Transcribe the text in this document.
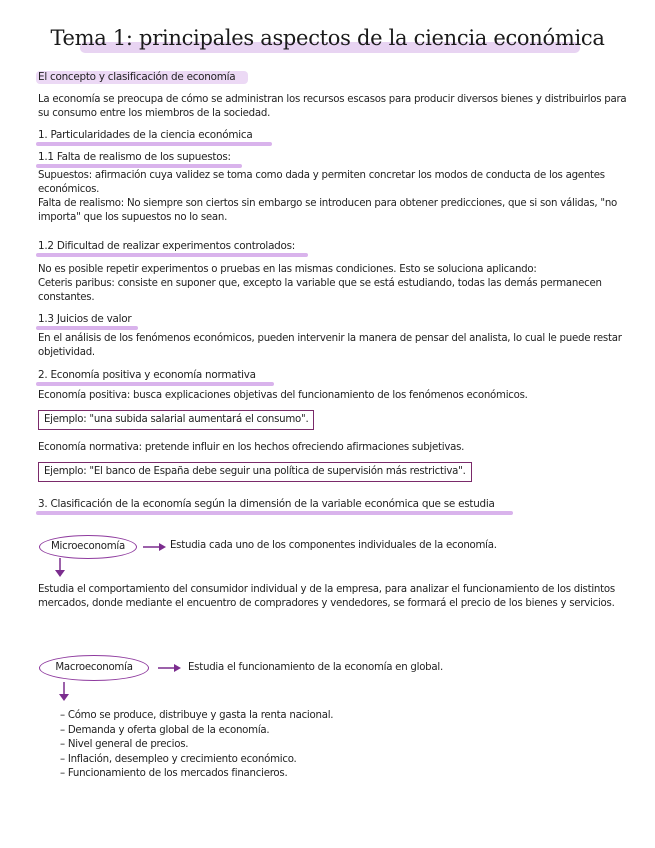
Tema 1: principales aspectos de la ciencia económica
El concepto y clasificación de economía
La economía se preocupa de cómo se administran los recursos escasos para producir diversos bienes y distribuirlos para su consumo entre los miembros de la sociedad.
1. Particularidades de la ciencia económica
1.1 Falta de realismo de los supuestos:
Supuestos: afirmación cuya validez se toma como dada y permiten concretar los modos de conducta de los agentes económicos.
Falta de realismo: No siempre son ciertos sin embargo se introducen para obtener predicciones, que si son válidas, "no importa" que los supuestos no lo sean.
1.2 Dificultad de realizar experimentos controlados:
No es posible repetir experimentos o pruebas en las mismas condiciones. Esto se soluciona aplicando:
Ceteris paribus: consiste en suponer que, excepto la variable que se está estudiando, todas las demás permanecen constantes.
1.3 Juicios de valor
En el análisis de los fenómenos económicos, pueden intervenir la manera de pensar del analista, lo cual le puede restar objetividad.
2. Economía positiva y economía normativa
Economía positiva: busca explicaciones objetivas del funcionamiento de los fenómenos económicos.
Ejemplo: "una subida salarial aumentará el consumo".
Economía normativa: pretende influir en los hechos ofreciendo afirmaciones subjetivas.
Ejemplo: "El banco de España debe seguir una política de supervisión más restrictiva".
3. Clasificación de la economía según la dimensión de la variable económica que se estudia
Microeconomía	Estudia cada uno de los componentes individuales de la economía.
Estudia el comportamiento del consumidor individual y de la empresa, para analizar el funcionamiento de los distintos mercados, donde mediante el encuentro de compradores y vendedores, se formará el precio de los bienes y servicios.
Macroeconomía	Estudia el funcionamiento de la economía en global.
– Cómo se produce, distribuye y gasta la renta nacional.
– Demanda y oferta global de la economía.
– Nivel general de precios.
– Inflación, desempleo y crecimiento económico.
– Funcionamiento de los mercados financieros.
